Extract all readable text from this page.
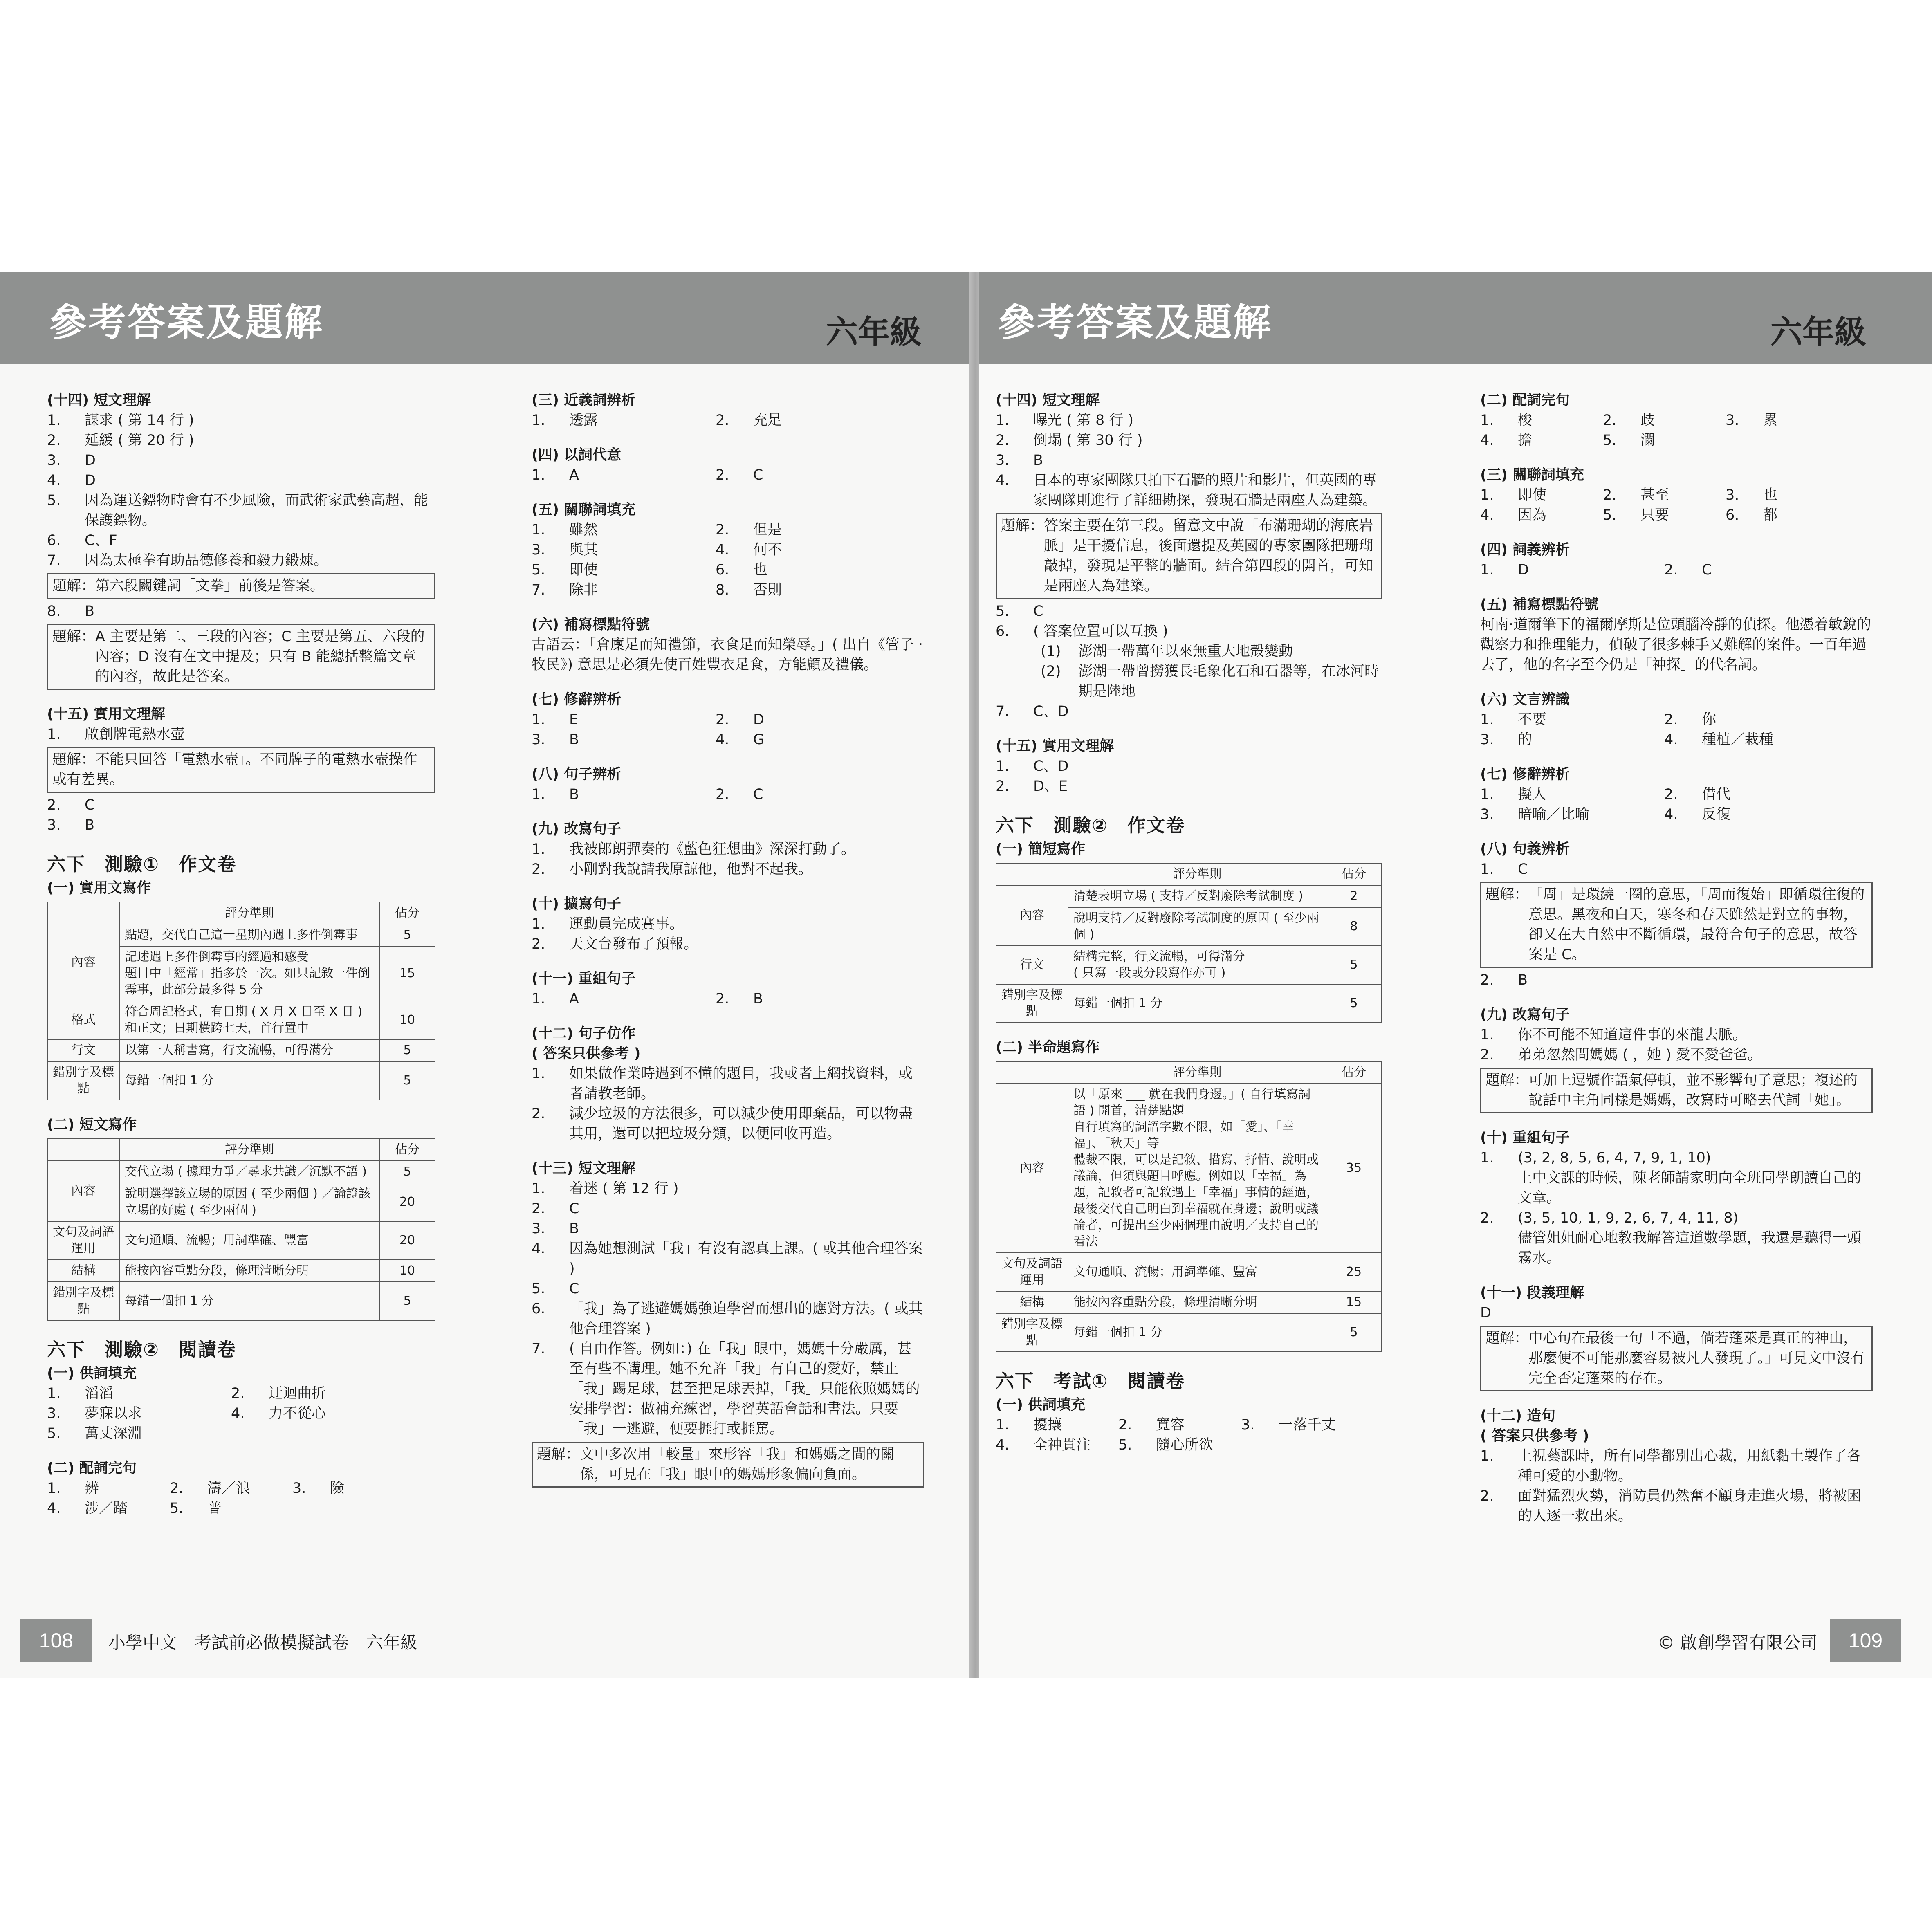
參考答案及題解	六年級
(十四) 短文理解
1.	謀求 ( 第 14 行 )
2.	延緩 ( 第 20 行 )
3.	D
4.	D
5.	因為運送鏢物時會有不少風險，而武術家武藝高超，能保護鏢物。
6.	C、F
7.	因為太極拳有助品德修養和毅力鍛煉。
題解：第六段關鍵詞「文拳」前後是答案。
8.	B
題解： A 主要是第二、三段的內容；C 主要是第五、六段的內容；D 沒有在文中提及；只有 B 能總括整篇文章的內容，故此是答案。
(十五) 實用文理解
1.	啟創牌電熱水壺
題解：不能只回答「電熱水壺」。不同牌子的電熱水壺操作或有差異。
2.	C
3.	B
六下　測驗①　作文卷
(一) 實用文寫作
	評分準則	佔分
內容	點題，交代自己這一星期內遇上多件倒霉事	5
	記述遇上多件倒霉事的經過和感受
題目中「經常」指多於一次。如只記敘一件倒霉事，此部分最多得 5 分	15
格式	符合周記格式，有日期 ( X 月 X 日至 X 日 ) 和正文；日期橫跨七天，首行置中	10
行文	以第一人稱書寫，行文流暢，可得滿分	5
錯別字及標點	每錯一個扣 1 分	5
(二) 短文寫作
	評分準則	佔分
內容	交代立場 ( 據理力爭／尋求共識／沉默不語 )	5
	說明選擇該立場的原因 ( 至少兩個 ) ／論證該立場的好處 ( 至少兩個 )	20
文句及詞語運用	文句通順、流暢；用詞準確、豐富	20
結構	能按內容重點分段，條理清晰分明	10
錯別字及標點	每錯一個扣 1 分	5
六下　測驗②　閱讀卷
(一) 供詞填充
1.	滔滔	2.	迂迴曲折
3.	夢寐以求	4.	力不從心
5.	萬丈深淵
(二) 配詞完句
1.	辨	2.	濤／浪	3.	險
4.	涉／踏	5.	普
(三) 近義詞辨析
1.	透露	2.	充足
(四) 以詞代意
1.	A	2.	C
(五) 關聯詞填充
1.	雖然	2.	但是
3.	與其	4.	何不
5.	即使	6.	也
7.	除非	8.	否則
(六) 補寫標點符號
古語云：「倉廩足而知禮節，衣食足而知榮辱。」( 出自《管子 ‧ 牧民》) 意思是必須先使百姓豐衣足食，方能顧及禮儀。
(七) 修辭辨析
1.	E	2.	D
3.	B	4.	G
(八) 句子辨析
1.	B	2.	C
(九) 改寫句子
1.	我被郎朗彈奏的《藍色狂想曲》深深打動了。
2.	小剛對我說請我原諒他，他對不起我。
(十) 擴寫句子
1.	運動員完成賽事。
2.	天文台發布了預報。
(十一) 重組句子
1.	A	2.	B
(十二) 句子仿作
( 答案只供參考 )
1.	如果做作業時遇到不懂的題目，我或者上網找資料，或者請教老師。
2.	減少垃圾的方法很多，可以減少使用即棄品，可以物盡其用，還可以把垃圾分類，以便回收再造。
(十三) 短文理解
1.	着迷 ( 第 12 行 )
2.	C
3.	B
4.	因為她想測試「我」有沒有認真上課。( 或其他合理答案 )
5.	C
6.	「我」為了逃避媽媽強迫學習而想出的應對方法。( 或其他合理答案 )
7.	( 自由作答。例如：) 在「我」眼中，媽媽十分嚴厲，甚至有些不講理。她不允許「我」有自己的愛好，禁止「我」踢足球，甚至把足球丟掉，「我」只能依照媽媽的安排學習：做補充練習，學習英語會話和書法。只要「我」一逃避，便要捱打或捱罵。
題解： 文中多次用「較量」來形容「我」和媽媽之間的關係，可見在「我」眼中的媽媽形象偏向負面。
108	小學中文　考試前必做模擬試卷　六年級
參考答案及題解	六年級
(十四) 短文理解
1.	曝光 ( 第 8 行 )
2.	倒塌 ( 第 30 行 )
3.	B
4.	日本的專家團隊只拍下石牆的照片和影片，但英國的專家團隊則進行了詳細勘探，發現石牆是兩座人為建築。
題解： 答案主要在第三段。留意文中說「布滿珊瑚的海底岩脈」是干擾信息，後面還提及英國的專家團隊把珊瑚敲掉，發現是平整的牆面。結合第四段的開首，可知是兩座人為建築。
5.	C
6.	( 答案位置可以互換 )
(1)	澎湖一帶萬年以來無重大地殼變動
(2)	澎湖一帶曾撈獲長毛象化石和石器等，在冰河時期是陸地
7.	C、D
(十五) 實用文理解
1.	C、D
2.	D、E
六下　測驗②　作文卷
(一) 簡短寫作
	評分準則	佔分
內容	清楚表明立場 ( 支持／反對廢除考試制度 )	2
	說明支持／反對廢除考試制度的原因 ( 至少兩個 )	8
行文	結構完整，行文流暢，可得滿分
( 只寫一段或分段寫作亦可 )	5
錯別字及標點	每錯一個扣 1 分	5
(二) 半命題寫作
	評分準則	佔分
內容	以「原來 ___ 就在我們身邊。」( 自行填寫詞語 ) 開首，清楚點題
自行填寫的詞語字數不限，如「愛」、「幸福」、「秋天」等
體裁不限，可以是記敘、描寫、抒情、說明或議論，但須與題目呼應。例如以「幸福」為題，記敘者可記敘遇上「幸福」事情的經過，最後交代自己明白到幸福就在身邊；說明或議論者，可提出至少兩個理由說明／支持自己的看法	35
文句及詞語運用	文句通順、流暢；用詞準確、豐富	25
結構	能按內容重點分段，條理清晰分明	15
錯別字及標點	每錯一個扣 1 分	5
六下　考試①　閱讀卷
(一) 供詞填充
1.	擾攘	2.	寬容	3.	一落千丈
4.	全神貫注 5.	隨心所欲
(二) 配詞完句
1.	梭	2.	歧	3.	累
4.	擔	5.	瀾
(三) 關聯詞填充
1.	即使	2.	甚至	3.	也
4.	因為	5.	只要	6.	都
(四) 詞義辨析
1.	D	2.	C
(五) 補寫標點符號
柯南‧道爾筆下的福爾摩斯是位頭腦冷靜的偵探。他憑着敏銳的觀察力和推理能力，偵破了很多棘手又難解的案件。一百年過去了，他的名字至今仍是「神探」的代名詞。
(六) 文言辨識
1.	不要	2.	你
3.	的	4.	種植／栽種
(七) 修辭辨析
1.	擬人	2.	借代
3.	暗喻／比喻	4.	反復
(八) 句義辨析
1.	C
題解： 「周」是環繞一圈的意思，「周而復始」即循環往復的意思。黑夜和白天，寒冬和春天雖然是對立的事物，卻又在大自然中不斷循環，最符合句子的意思，故答案是 C。
2.	B
(九) 改寫句子
1.	你不可能不知道這件事的來龍去脈。
2.	弟弟忽然問媽媽 ( ，她 ) 愛不愛爸爸。
題解： 可加上逗號作語氣停頓，並不影響句子意思；複述的說話中主角同樣是媽媽，改寫時可略去代詞「她」。
(十) 重組句子
1.	(3, 2, 8, 5, 6, 4, 7, 9, 1, 10)
上中文課的時候，陳老師請家明向全班同學朗讀自己的文章。
2.	(3, 5, 10, 1, 9, 2, 6, 7, 4, 11, 8)
儘管姐姐耐心地教我解答這道數學題，我還是聽得一頭霧水。
(十一) 段義理解
D
題解： 中心句在最後一句「不過，倘若蓬萊是真正的神山，那麼便不可能那麼容易被凡人發現了。」可見文中沒有完全否定蓬萊的存在。
(十二) 造句
( 答案只供參考 )
1.	上視藝課時，所有同學都別出心裁，用紙黏土製作了各種可愛的小動物。
2.	面對猛烈火勢，消防員仍然奮不顧身走進火場，將被困的人逐一救出來。
© 啟創學習有限公司	109
